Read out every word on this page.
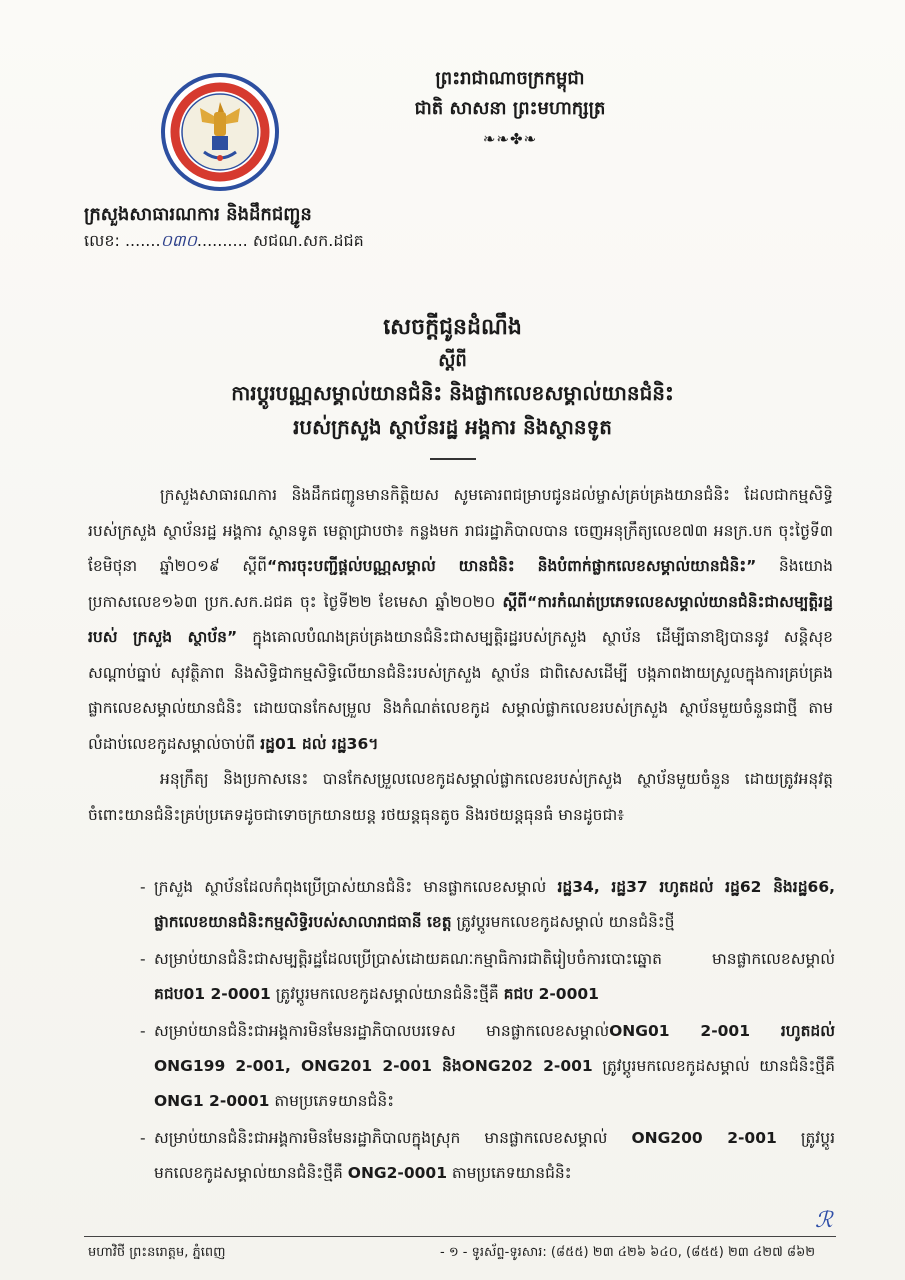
ព្រះរាជាណាចក្រកម្ពុជា
ជាតិ សាសនា ព្រះមហាក្សត្រ
❧❧✤❧
ក្រសួងសាធារណការ និងដឹកជញ្ជូន
លេខ: .......០៣០.......... សជណ.សក.ដជគ
សេចក្តីជូនដំណឹង
ស្តីពី
ការប្តូរបណ្ណសម្គាល់យានជំនិះ និងផ្លាកលេខសម្គាល់យានជំនិះ
របស់ក្រសួង ស្ថាប័នរដ្ឋ អង្គការ និងស្ថានទូត

ក្រសួងសាធារណការ និងដឹកជញ្ជូនមានកិត្តិយស សូមគោរពជម្រាបជូនដល់ម្ចាស់គ្រប់គ្រងយានជំនិះ ដែលជាកម្មសិទ្ធិរបស់ក្រសួង ស្ថាប័នរដ្ឋ អង្គការ ស្ថានទូត មេត្តាជ្រាបថា៖ កន្លងមក រាជរដ្ឋាភិបាលបាន ចេញអនុក្រឹត្យលេខ៧៣ អនក្រ.បក ចុះថ្ងៃទី៣ ខែមិថុនា ឆ្នាំ២០១៩ ស្តីពី“ការចុះបញ្ជីផ្តល់បណ្ណសម្គាល់ យានជំនិះ និងបំពាក់ផ្លាកលេខសម្គាល់យានជំនិះ” និងយោងប្រកាសលេខ១៦៣ ប្រក.សក.ដជគ ចុះ ថ្ងៃទី២២ ខែមេសា ឆ្នាំ២០២០ ស្តីពី“ការកំណត់ប្រភេទលេខសម្គាល់យានជំនិះជាសម្បត្តិរដ្ឋរបស់ ក្រសួង ស្ថាប័ន” ក្នុងគោលបំណងគ្រប់គ្រងយានជំនិះជាសម្បត្តិរដ្ឋរបស់ក្រសួង ស្ថាប័ន ដើម្បីធានាឱ្យបាននូវ សន្តិសុខ សណ្តាប់ធ្នាប់ សុវត្ថិភាព និងសិទ្ធិជាកម្មសិទ្ធិលើយានជំនិះរបស់ក្រសួង ស្ថាប័ន ជាពិសេសដើម្បី បង្កភាពងាយស្រួលក្នុងការគ្រប់គ្រងផ្លាកលេខសម្គាល់យានជំនិះ ដោយបានកែសម្រួល និងកំណត់លេខកូដ សម្គាល់ផ្លាកលេខរបស់ក្រសួង ស្ថាប័នមួយចំនួនជាថ្មី តាមលំដាប់លេខកូដសម្គាល់ចាប់ពី រដ្ឋ01 ដល់ រដ្ឋ36។

អនុក្រឹត្យ និងប្រកាសនេះ បានកែសម្រួលលេខកូដសម្គាល់ផ្លាកលេខរបស់ក្រសួង ស្ថាប័នមួយចំនួន ដោយត្រូវអនុវត្តចំពោះយានជំនិះគ្រប់ប្រភេទដូចជាទោចក្រយានយន្ត រថយន្តធុនតូច និងរថយន្តធុនធំ មានដូចជា៖

- ក្រសួង ស្ថាប័នដែលកំពុងប្រើប្រាស់យានជំនិះ មានផ្លាកលេខសម្គាល់ រដ្ឋ34, រដ្ឋ37 រហូតដល់ រដ្ឋ62 និងរដ្ឋ66, ផ្លាកលេខយានជំនិះកម្មសិទ្ធិរបស់សាលារាជធានី ខេត្ត ត្រូវប្តូរមកលេខកូដសម្គាល់ យានជំនិះថ្មី
- សម្រាប់យានជំនិះជាសម្បត្តិរដ្ឋដែលប្រើប្រាស់ដោយគណៈកម្មាធិការជាតិរៀបចំការបោះឆ្នោត មានផ្លាកលេខសម្គាល់ គជប01 2-0001 ត្រូវប្តូរមកលេខកូដសម្គាល់យានជំនិះថ្មីគឺ គជប 2-0001
- សម្រាប់យានជំនិះជាអង្គការមិនមែនរដ្ឋាភិបាលបរទេស មានផ្លាកលេខសម្គាល់ONG01 2-001 រហូតដល់ ONG199 2-001, ONG201 2-001 និងONG202 2-001 ត្រូវប្តូរមកលេខកូដសម្គាល់ យានជំនិះថ្មីគឺ ONG1 2-0001 តាមប្រភេទយានជំនិះ
- សម្រាប់យានជំនិះជាអង្គការមិនមែនរដ្ឋាភិបាលក្នុងស្រុក មានផ្លាកលេខសម្គាល់ ONG200 2-001 ត្រូវប្តូរមកលេខកូដសម្គាល់យានជំនិះថ្មីគឺ ONG2-0001 តាមប្រភេទយានជំនិះ
ℛ
មហាវិថី ព្រះនរោត្តម, ភ្នំពេញ	- ១ - ទូរស័ព្ទ-ទូរសារ: (៨៥៥) ២៣ ៤២៦ ៦៤០, (៨៥៥) ២៣ ៤២៧ ៨៦២
